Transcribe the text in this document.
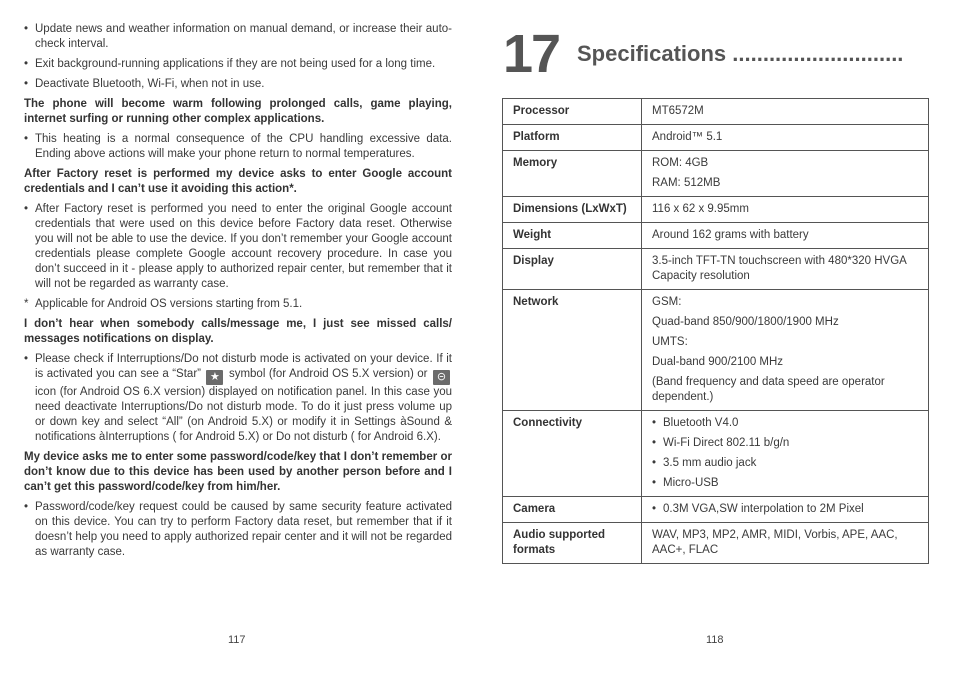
• Update news and weather information on manual demand, or increase their auto-check interval.

• Exit background-running applications if they are not being used for a long time.

• Deactivate Bluetooth, Wi-Fi, when not in use.

The phone will become warm following prolonged calls, game playing, internet surfing or running other complex applications.

• This heating is a normal consequence of the CPU handling excessive data. Ending above actions will make your phone return to normal temperatures.

After Factory reset is performed my device asks to enter Google account credentials and I can’t use it avoiding this action*.

• After Factory reset is performed you need to enter the original Google account credentials that were used on this device before Factory data reset. Otherwise you will not be able to use the device. If you don’t remember your Google account credentials please complete Google account recovery procedure. In case you don’t succeed in it - please apply to authorized repair center, but remember that it will not be regarded as warranty case.

* Applicable for Android OS versions starting from 5.1.

I don’t hear when somebody calls/message me, I just see missed calls/ messages notifications on display.

• Please check if Interruptions/Do not disturb mode is activated on your device. If it is activated you can see a “Star” ★ symbol (for Android OS 5.X version) or ⊝ icon (for Android OS 6.X version) displayed on notification panel. In this case you need deactivate Interruptions/Do not disturb mode. To do it just press volume up or down key and select “All” (on Android 5.X) or modify it in Settings àSound & notifications àInterruptions ( for Android 5.X) or Do not disturb ( for Android 6.X).

My device asks me to enter some password/code/key that I don’t remember or don’t know due to this device has been used by another person before and I can’t get this password/code/key from him/her.

• Password/code/key request could be caused by same security feature activated on this device. You can try to perform Factory data reset, but remember that if it doesn’t help you need to apply authorized repair center and it will not be regarded as warranty case.

117
17 Specifications ............................
Processor	MT6572M

Platform	Android™ 5.1

Memory	ROM: 4GB
RAM: 512MB

Dimensions (LxWxT)	116 x 62 x 9.95mm

Weight	Around 162 grams with battery

Display	3.5-inch TFT-TN touchscreen with 480*320 HVGA Capacity resolution

Network	GSM:
Quad-band 850/900/1800/1900 MHz
UMTS:
Dual-band 900/2100 MHz
(Band frequency and data speed are operator dependent.)

Connectivity	• Bluetooth V4.0
• Wi-Fi Direct 802.11 b/g/n
• 3.5 mm audio jack
• Micro-USB

Camera	• 0.3M VGA,SW interpolation to 2M Pixel

Audio supported formats	WAV, MP3, MP2, AMR, MIDI, Vorbis, APE, AAC, AAC+, FLAC
118
